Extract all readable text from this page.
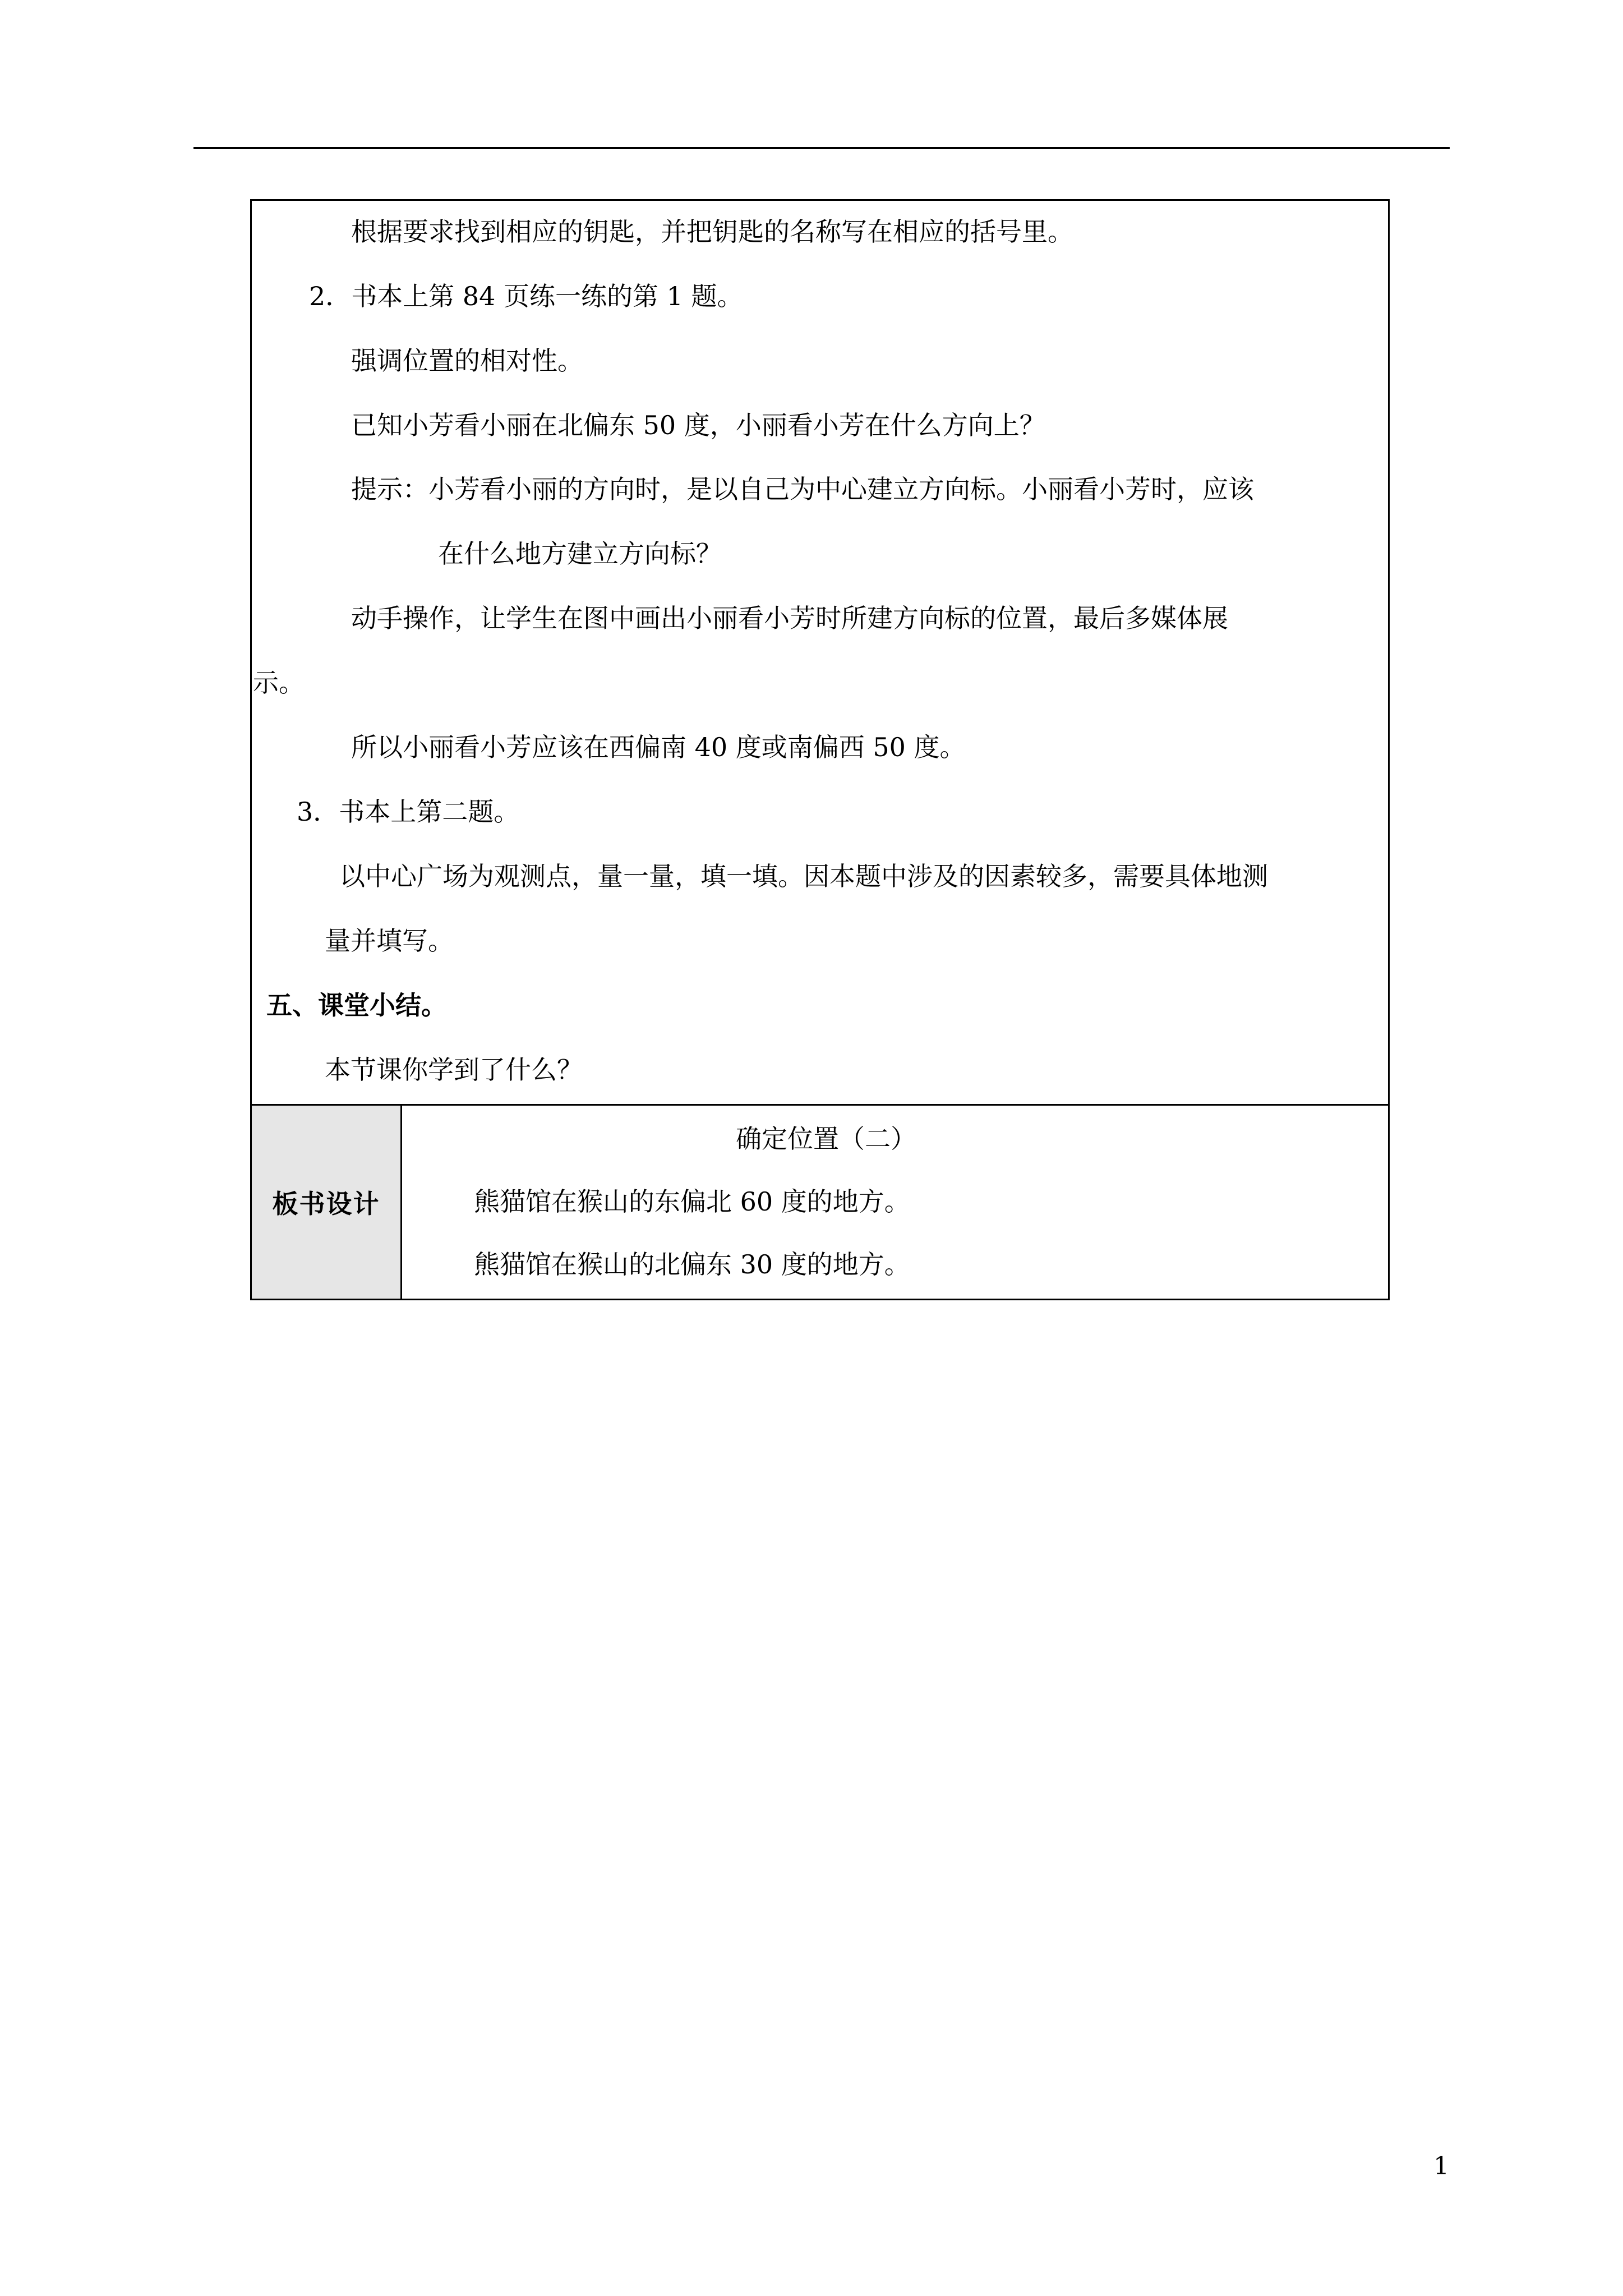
根据要求找到相应的钥匙，并把钥匙的名称写在相应的括号里。
2．书本上第 84 页练一练的第 1 题。
强调位置的相对性。
已知小芳看小丽在北偏东 50 度，小丽看小芳在什么方向上？
提示：小芳看小丽的方向时，是以自己为中心建立方向标。小丽看小芳时，应该
在什么地方建立方向标？
动手操作，让学生在图中画出小丽看小芳时所建方向标的位置，最后多媒体展
示。
所以小丽看小芳应该在西偏南 40 度或南偏西 50 度。
3．书本上第二题。
以中心广场为观测点，量一量，填一填。因本题中涉及的因素较多，需要具体地测
量并填写。
五、课堂小结。
本节课你学到了什么？
板书设计
确定位置（二）
熊猫馆在猴山的东偏北 60 度的地方。
熊猫馆在猴山的北偏东 30 度的地方。
1
